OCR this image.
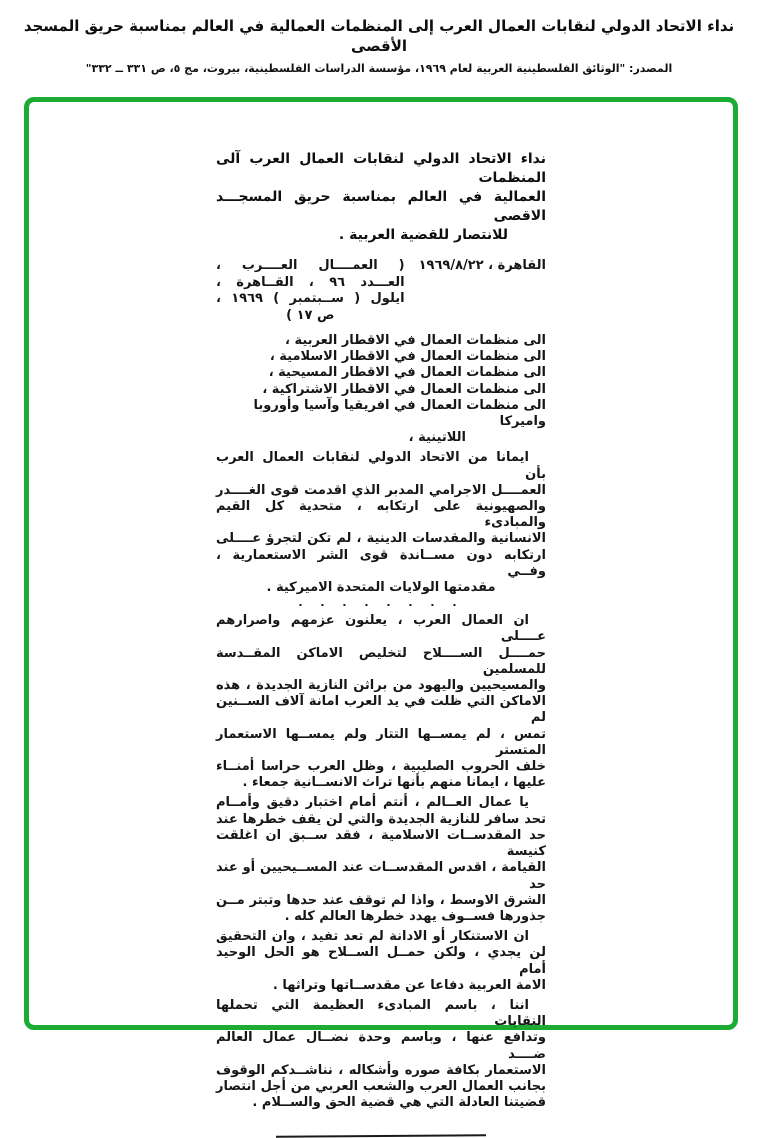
نداء الاتحاد الدولي لنقابات العمال العرب إلى المنظمات العمالية في العالم بمناسبة حريق المسجد الأقصى
المصدر: "الوثائق الفلسطينية العربية لعام ١٩٦٩، مؤسسة الدراسات الفلسطينية، بيروت، مج ٥، ص ٣٣١ ــ ٣٣٢"
نداء الاتحاد الدولي لنقابات العمال العرب آلى المنظمات
العمالية في العالم بمناسبة حريق المسجـــد الاقصى
للانتصار للقضية العربية .
القاهرة ، ١٩٦٩/٨/٢٢
( العمــــال العــــرب ،
العـــدد ٩٦ ، القــاهرة ،
ايلول ( ســبتمبر ) ١٩٦٩ ،
ص ١٧ )
الى منظمات العمال في الاقطار العربية ،
الى منظمات العمال في الاقطار الاسلامية ،
الى منظمات العمال في الاقطار المسيحية ،
الى منظمات العمال في الاقطار الاشتراكية ،
الى منظمات العمال في افريقيا وآسيا وأوروبا واميركا
اللاتينية ،
ايمانا من الاتحاد الدولي لنقابات العمال العرب بأن
العمــــل الاجرامي المدبر الذي اقدمت قوى الغــــدر
والصهيونية على ارتكابه ، متحدية كل القيم والمبادىء
الانسانية والمقدسات الدينية ، لم تكن لتجرؤ عــــلى
ارتكابه دون مســاندة قوى الشر الاستعمارية ، وفــي
مقدمتها الولايات المتحدة الاميركية .
. . . . . . . .
ان العمال العرب ، يعلنون عزمهم واصرارهم عــــلى
حمــــل الســــلاح لتخليص الاماكن المقــدسة للمسلمين
والمسيحيين واليهود من براثن النازية الجديدة ، هذه
الاماكن التي ظلت في يد العرب امانة آلاف الســنين لم
تمس ، لم يمســها التتار ولم يمســها الاستعمار المتستر
خلف الحروب الصليبية ، وظل العرب حراسا أمنــاء
عليها ، ايمانا منهم بأنها تراث الانســانية جمعاء .
يا عمال العــالم ، أنتم أمام اختبار دقيق وأمــام
تحد سافر للنازية الجديدة والتي لن يقف خطرها عند
حد المقدســات الاسلامية ، فقد ســبق ان اغلقت كنيسة
القيامة ، اقدس المقدســات عند المســيحيين أو عند حد
الشرق الاوسط ، واذا لم توقف عند حدها وتبتر مــن
جذورها فســوف يهدد خطرها العالم كله .
ان الاستنكار أو الادانة لم تعد تفيد ، وان التحقيق
لن يجدي ، ولكن حمــل الســلاح هو الحل الوحيد أمام
الامة العربية دفاعا عن مقدســاتها وتراثها .
اننا ، باسم المبادىء العظيمة التي تحملها النقابات
وتدافع عنها ، وباسم وحدة نضــال عمال العالم ضــــد
الاستعمار بكافة صوره وأشكاله ، نناشــدكم الوقوف
بجانب العمال العرب والشعب العربي من أجل انتصار
قضيتنا العادلة التي هي قضية الحق والســلام .
